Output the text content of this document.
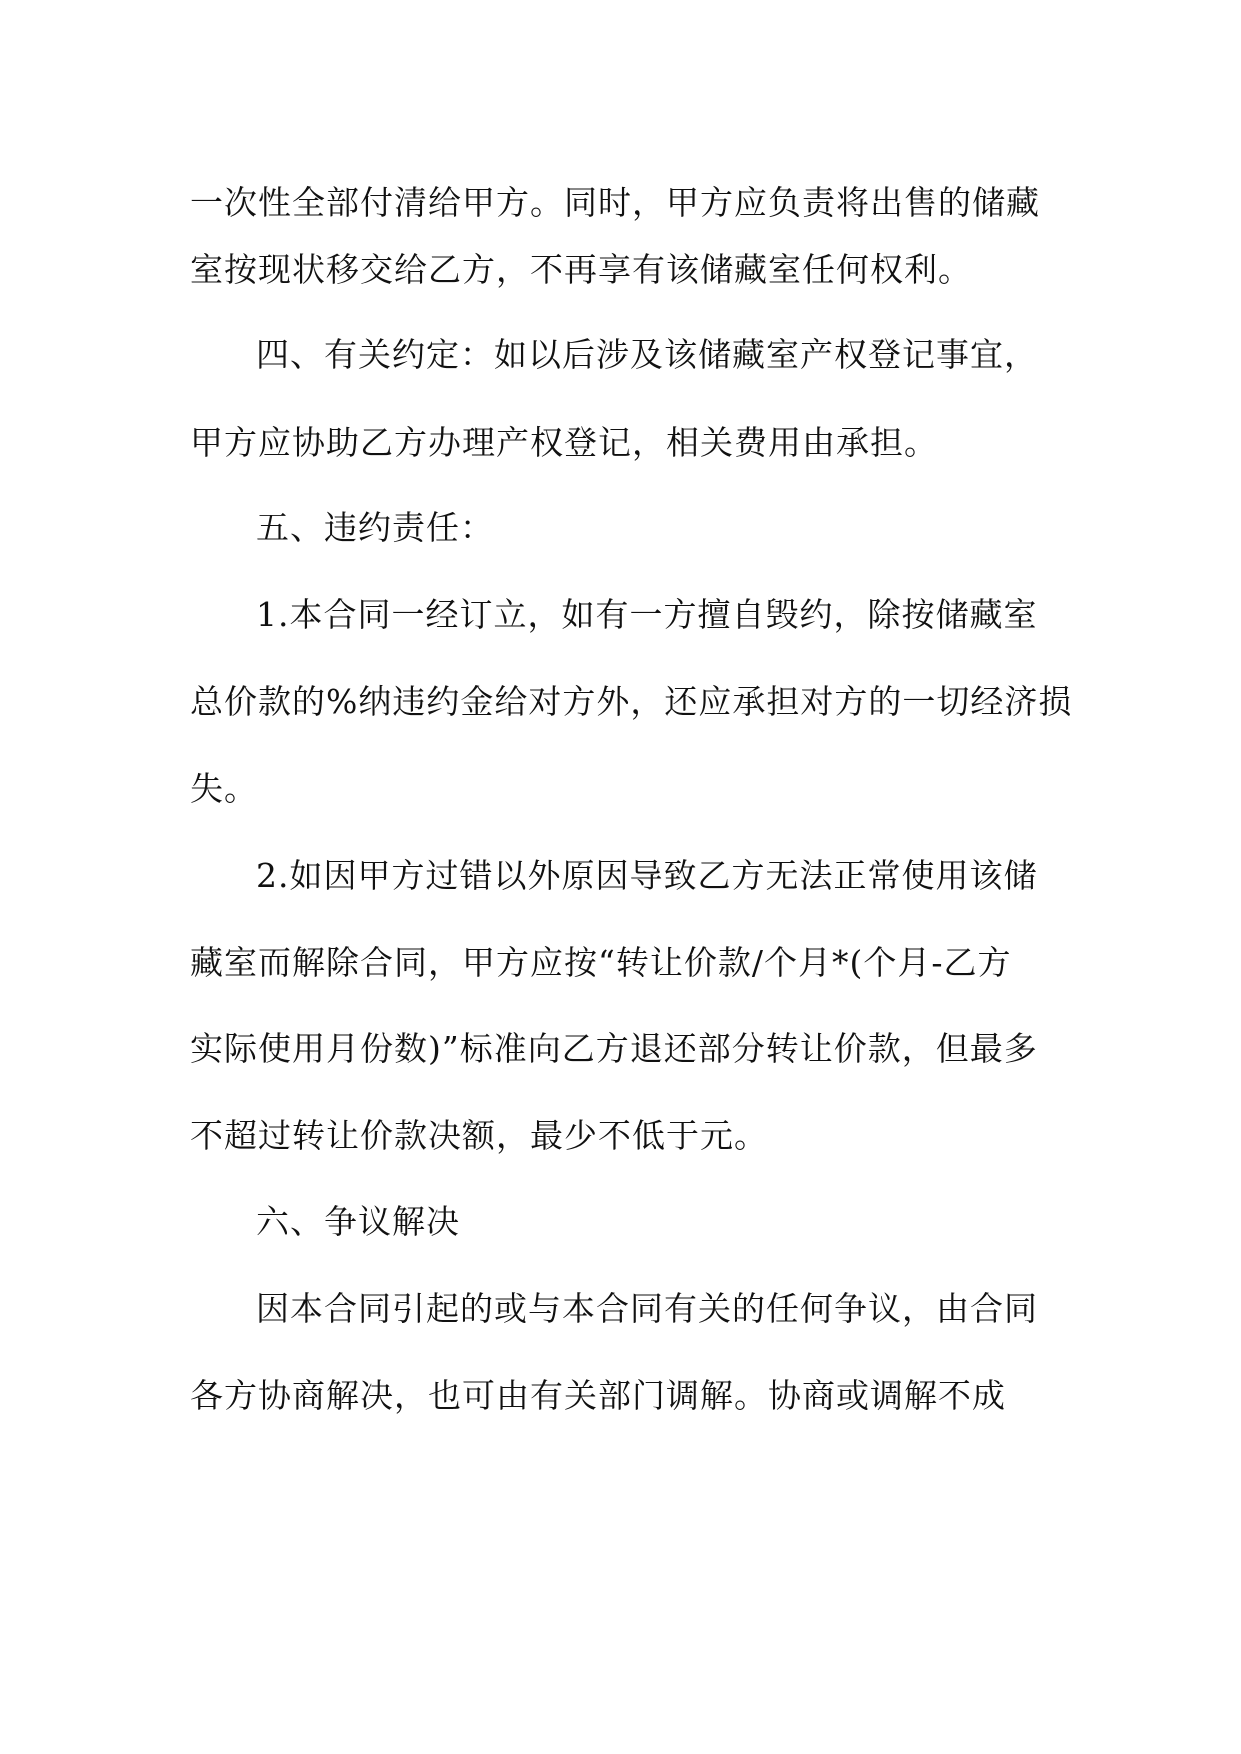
一次性全部付清给甲方。同时，甲方应负责将出售的储藏
室按现状移交给乙方，不再享有该储藏室任何权利。
四、有关约定：如以后涉及该储藏室产权登记事宜，
甲方应协助乙方办理产权登记，相关费用由承担。
五、违约责任：
1.本合同一经订立，如有一方擅自毁约，除按储藏室
总价款的%纳违约金给对方外，还应承担对方的一切经济损
失。
2.如因甲方过错以外原因导致乙方无法正常使用该储
藏室而解除合同，甲方应按“转让价款/个月*(个月-乙方
实际使用月份数)”标准向乙方退还部分转让价款，但最多
不超过转让价款决额，最少不低于元。
六、争议解决
因本合同引起的或与本合同有关的任何争议，由合同
各方协商解决，也可由有关部门调解。协商或调解不成
